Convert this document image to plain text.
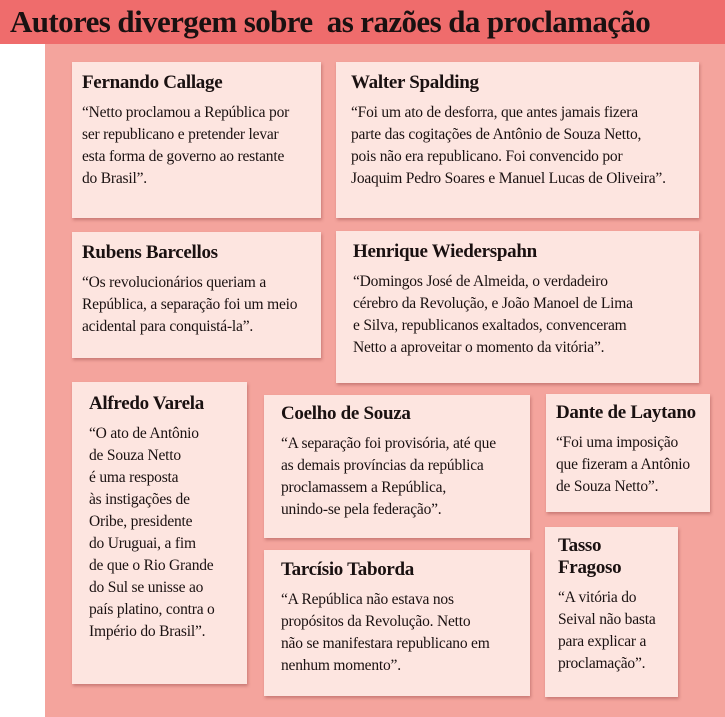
Autores divergem sobre  as razões da proclamação
Fernando Callage
“Netto proclamou a República por
ser republicano e pretender levar
esta forma de governo ao restante
do Brasil”.
Walter Spalding
“Foi um ato de desforra, que antes jamais fizera
parte das cogitações de Antônio de Souza Netto,
pois não era republicano. Foi convencido por
Joaquim Pedro Soares e Manuel Lucas de Oliveira”.
Rubens Barcellos
“Os revolucionários queriam a
República, a separação foi um meio
acidental para conquistá-la”.
Henrique Wiederspahn
“Domingos José de Almeida, o verdadeiro
cérebro da Revolução, e João Manoel de Lima
e Silva, republicanos exaltados, convenceram
Netto a aproveitar o momento da vitória”.
Alfredo Varela
“O ato de Antônio
de Souza Netto
é uma resposta
às instigações de
Oribe, presidente
do Uruguai, a fim
de que o Rio Grande
do Sul se unisse ao
país platino, contra o
Império do Brasil”.
Coelho de Souza
“A separação foi provisória, até que
as demais províncias da república
proclamassem a República,
unindo-se pela federação”.
Dante de Laytano
“Foi uma imposição
que fizeram a Antônio
de Souza Netto”.
Tarcísio Taborda
“A República não estava nos
propósitos da Revolução. Netto
não se manifestara republicano em
nenhum momento”.
Tasso
Fragoso
“A vitória do
Seival não basta
para explicar a
proclamação”.
